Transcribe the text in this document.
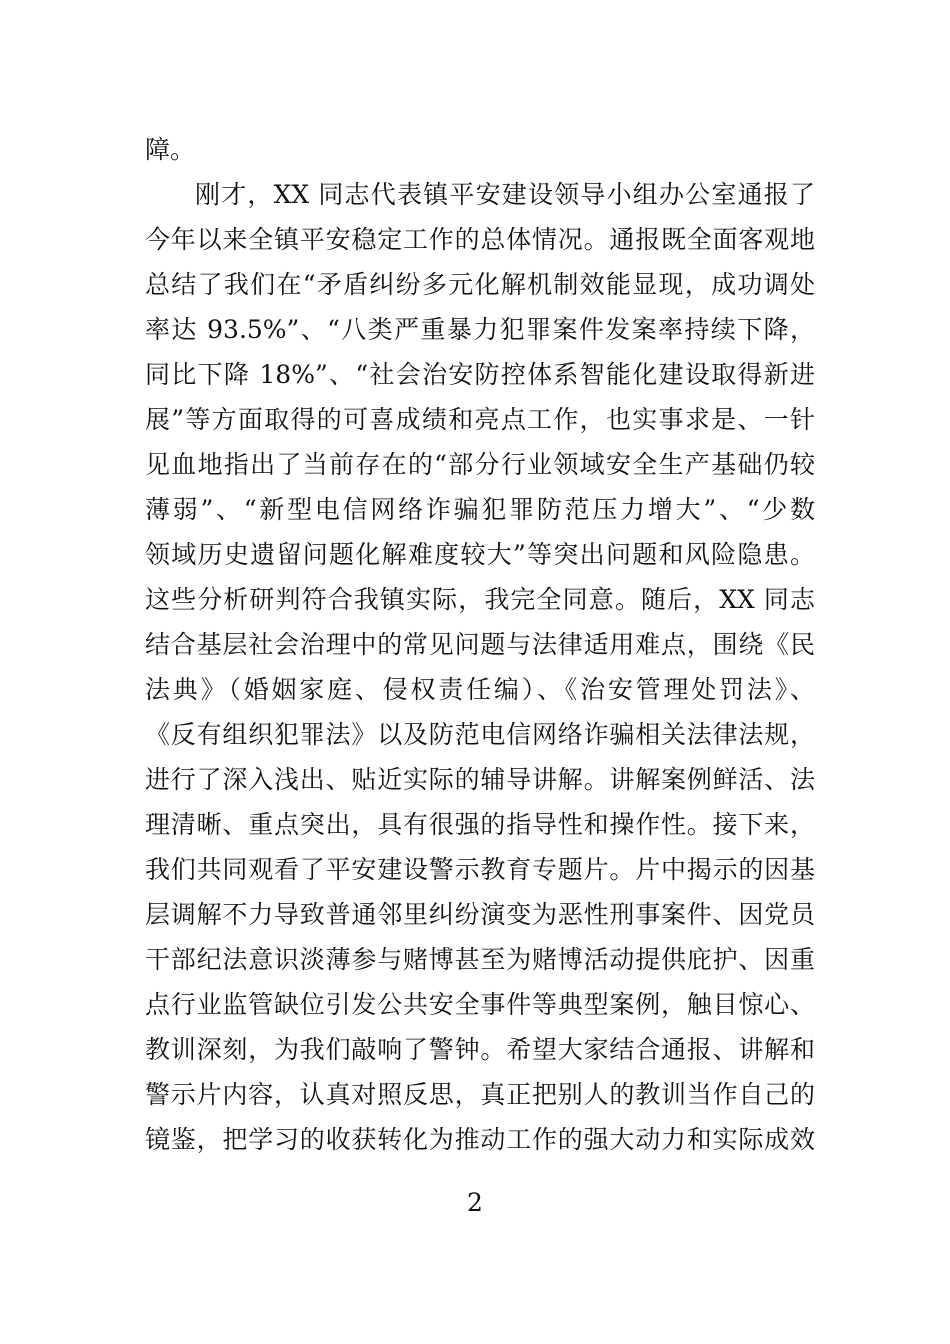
障。
刚才，XX 同志代表镇平安建设领导小组办公室通报了
今年以来全镇平安稳定工作的总体情况。通报既全面客观地
总结了我们在“矛盾纠纷多元化解机制效能显现，成功调处
率达 93.5%”、“八类严重暴力犯罪案件发案率持续下降，
同比下降 18%”、“社会治安防控体系智能化建设取得新进
展”等方面取得的可喜成绩和亮点工作，也实事求是、一针
见血地指出了当前存在的“部分行业领域安全生产基础仍较
薄弱”、“新型电信网络诈骗犯罪防范压力增大”、“少数
领域历史遗留问题化解难度较大”等突出问题和风险隐患。
这些分析研判符合我镇实际，我完全同意。随后，XX 同志
结合基层社会治理中的常见问题与法律适用难点，围绕《民
法典》（婚姻家庭、侵权责任编）、《治安管理处罚法》、
《反有组织犯罪法》以及防范电信网络诈骗相关法律法规，
进行了深入浅出、贴近实际的辅导讲解。讲解案例鲜活、法
理清晰、重点突出，具有很强的指导性和操作性。接下来，
我们共同观看了平安建设警示教育专题片。片中揭示的因基
层调解不力导致普通邻里纠纷演变为恶性刑事案件、因党员
干部纪法意识淡薄参与赌博甚至为赌博活动提供庇护、因重
点行业监管缺位引发公共安全事件等典型案例，触目惊心、
教训深刻，为我们敲响了警钟。希望大家结合通报、讲解和
警示片内容，认真对照反思，真正把别人的教训当作自己的
镜鉴，把学习的收获转化为推动工作的强大动力和实际成效
2
